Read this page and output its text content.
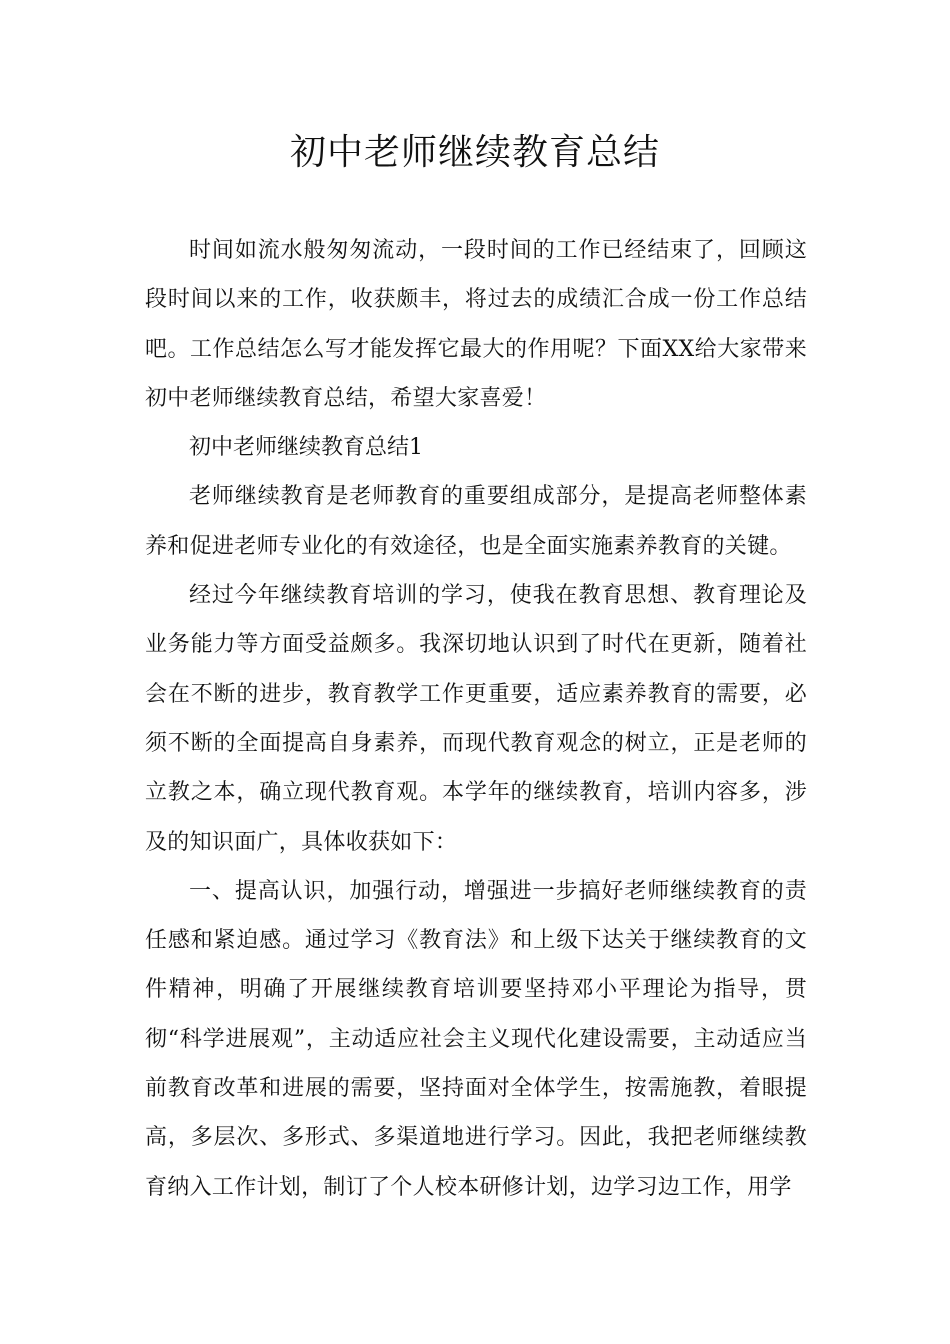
初中老师继续教育总结

时间如流水般匆匆流动，一段时间的工作已经结束了，回顾这段时间以来的工作，收获颇丰，将过去的成绩汇合成一份工作总结吧。工作总结怎么写才能发挥它最大的作用呢？下面XX给大家带来初中老师继续教育总结，希望大家喜爱！

初中老师继续教育总结1

老师继续教育是老师教育的重要组成部分，是提高老师整体素养和促进老师专业化的有效途径，也是全面实施素养教育的关键。

经过今年继续教育培训的学习，使我在教育思想、教育理论及业务能力等方面受益颇多。我深切地认识到了时代在更新，随着社会在不断的进步，教育教学工作更重要，适应素养教育的需要，必须不断的全面提高自身素养，而现代教育观念的树立，正是老师的立教之本，确立现代教育观。本学年的继续教育，培训内容多，涉及的知识面广，具体收获如下：

一、提高认识，加强行动，增强进一步搞好老师继续教育的责任感和紧迫感。通过学习《教育法》和上级下达关于继续教育的文件精神，明确了开展继续教育培训要坚持邓小平理论为指导，贯彻“科学进展观”，主动适应社会主义现代化建设需要，主动适应当前教育改革和进展的需要，坚持面对全体学生，按需施教，着眼提高，多层次、多形式、多渠道地进行学习。因此，我把老师继续教育纳入工作计划，制订了个人校本研修计划，边学习边工作，用学
